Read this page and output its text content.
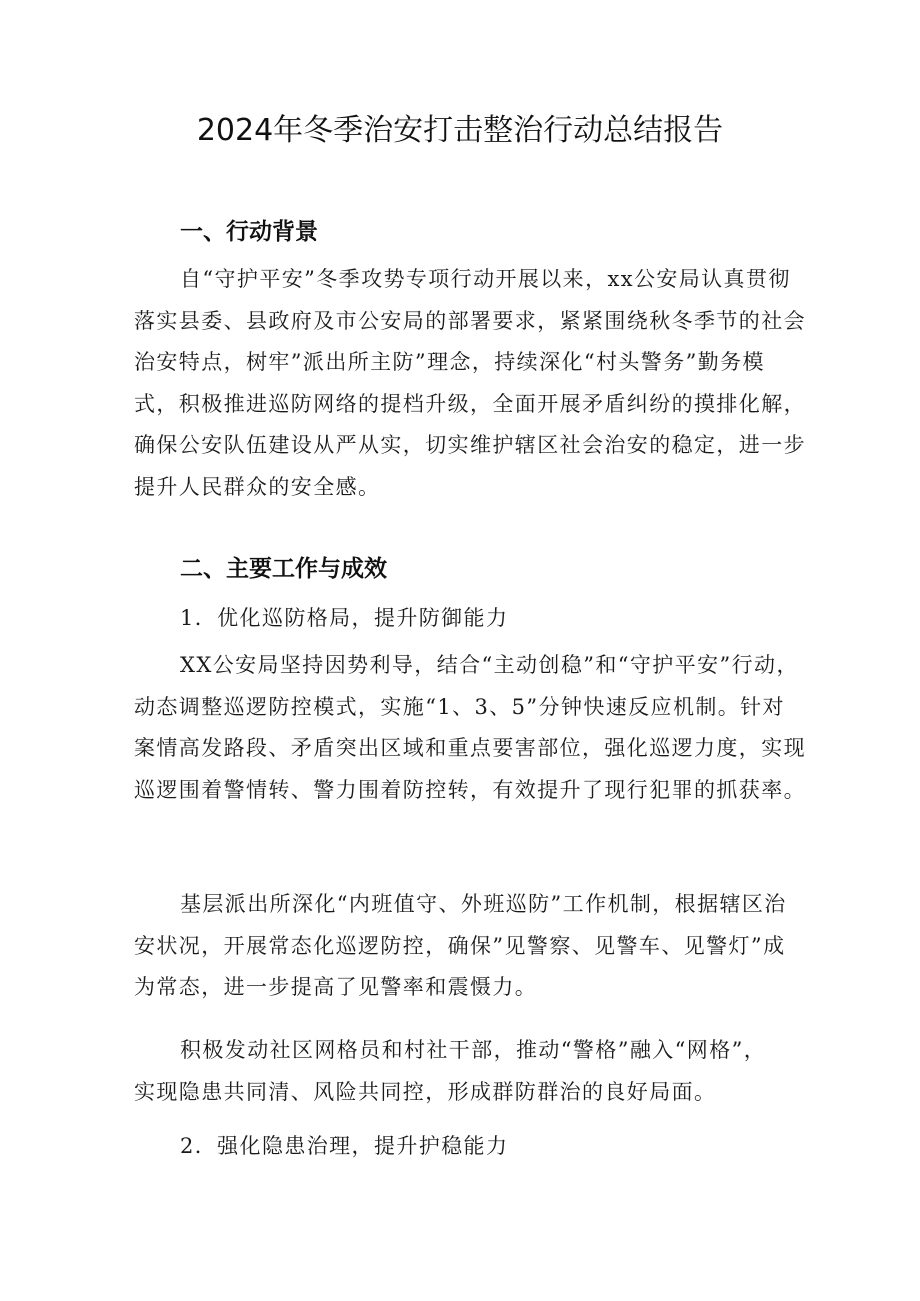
2024年冬季治安打击整治行动总结报告
一、行动背景

自“守护平安”冬季攻势专项行动开展以来，xx公安局认真贯彻
落实县委、县政府及市公安局的部署要求，紧紧围绕秋冬季节的社会
治安特点，树牢”派出所主防”理念，持续深化“村头警务”勤务模
式，积极推进巡防网络的提档升级，全面开展矛盾纠纷的摸排化解，
确保公安队伍建设从严从实，切实维护辖区社会治安的稳定，进一步
提升人民群众的安全感。

二、主要工作与成效

1．优化巡防格局，提升防御能力

XX公安局坚持因势利导，结合“主动创稳”和“守护平安”行动，
动态调整巡逻防控模式，实施“1、3、5”分钟快速反应机制。针对
案情高发路段、矛盾突出区域和重点要害部位，强化巡逻力度，实现
巡逻围着警情转、警力围着防控转，有效提升了现行犯罪的抓获率。

基层派出所深化“内班值守、外班巡防”工作机制，根据辖区治
安状况，开展常态化巡逻防控，确保”见警察、见警车、见警灯”成
为常态，进一步提高了见警率和震慑力。

积极发动社区网格员和村社干部，推动“警格”融入“网格”，
实现隐患共同清、风险共同控，形成群防群治的良好局面。

2．强化隐患治理，提升护稳能力
